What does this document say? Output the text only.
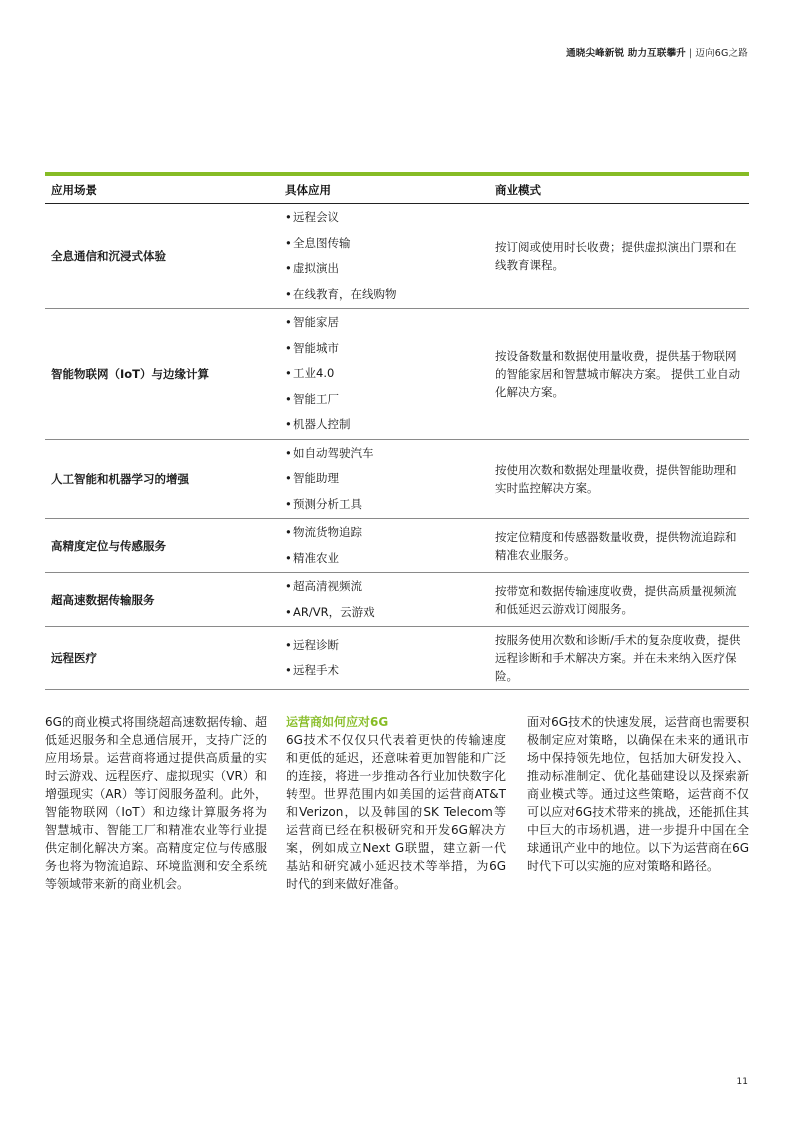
通晓尖峰新锐 助力互联攀升 | 迈向6G之路
应用场景	具体应用	商业模式
全息通信和沉浸式体验	•远程会议
•全息图传输
•虚拟演出
•在线教育，在线购物	按订阅或使用时长收费；提供虚拟演出门票和在线教育课程。
智能物联网（IoT）与边缘计算	•智能家居
•智能城市
•工业4.0
•智能工厂
•机器人控制	按设备数量和数据使用量收费，提供基于物联网的智能家居和智慧城市解决方案。 提供工业自动化解决方案。
人工智能和机器学习的增强	•如自动驾驶汽车
•智能助理
•预测分析工具	按使用次数和数据处理量收费，提供智能助理和实时监控解决方案。
高精度定位与传感服务	•物流货物追踪
•精准农业	按定位精度和传感器数量收费，提供物流追踪和精准农业服务。
超高速数据传输服务	•超高清视频流
•AR/VR，云游戏	按带宽和数据传输速度收费，提供高质量视频流和低延迟云游戏订阅服务。
远程医疗	•远程诊断
•远程手术	按服务使用次数和诊断/手术的复杂度收费，提供远程诊断和手术解决方案。并在未来纳入医疗保险。
6G的商业模式将围绕超高速数据传输、超低延迟服务和全息通信展开，支持广泛的应用场景。运营商将通过提供高质量的实时云游戏、远程医疗、虚拟现实（VR）和增强现实（AR）等订阅服务盈利。此外，智能物联网（IoT）和边缘计算服务将为智慧城市、智能工厂和精准农业等行业提供定制化解决方案。高精度定位与传感服务也将为物流追踪、环境监测和安全系统等领域带来新的商业机会。
运营商如何应对6G
6G技术不仅仅只代表着更快的传输速度和更低的延迟，还意味着更加智能和广泛的连接，将进一步推动各行业加快数字化转型。世界范围内如美国的运营商AT&T和Verizon，以及韩国的SK Telecom等运营商已经在积极研究和开发6G解决方案，例如成立Next G联盟，建立新一代基站和研究减小延迟技术等举措，为6G时代的到来做好准备。
面对6G技术的快速发展，运营商也需要积极制定应对策略，以确保在未来的通讯市场中保持领先地位，包括加大研发投入、推动标准制定、优化基础建设以及探索新商业模式等。通过这些策略，运营商不仅可以应对6G技术带来的挑战，还能抓住其中巨大的市场机遇，进一步提升中国在全球通讯产业中的地位。以下为运营商在6G时代下可以实施的应对策略和路径。
11
